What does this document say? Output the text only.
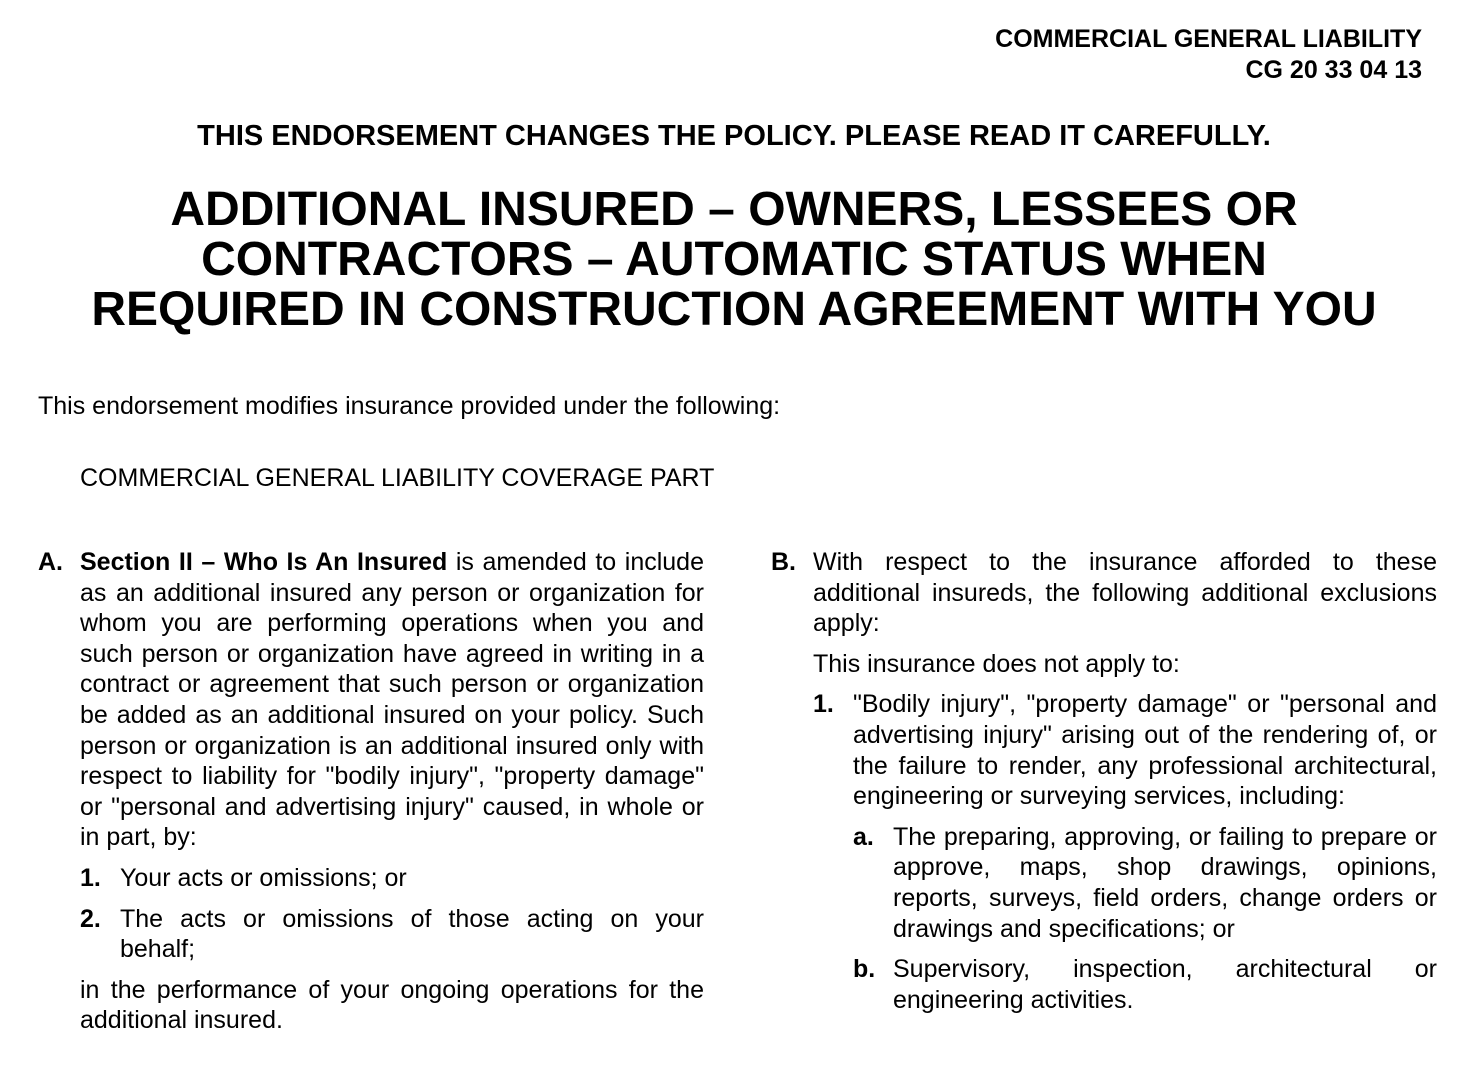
COMMERCIAL GENERAL LIABILITY
CG 20 33 04 13
THIS ENDORSEMENT CHANGES THE POLICY. PLEASE READ IT CAREFULLY.
ADDITIONAL INSURED – OWNERS, LESSEES OR
CONTRACTORS – AUTOMATIC STATUS WHEN
REQUIRED IN CONSTRUCTION AGREEMENT WITH YOU
This endorsement modifies insurance provided under the following:
COMMERCIAL GENERAL LIABILITY COVERAGE PART
A. Section II – Who Is An Insured is amended to include as an additional insured any person or organization for whom you are performing operations when you and such person or organization have agreed in writing in a contract or agreement that such person or organization be added as an additional insured on your policy. Such person or organization is an additional insured only with respect to liability for "bodily injury", "property damage" or "personal and advertising injury" caused, in whole or in part, by:
1. Your acts or omissions; or
2. The acts or omissions of those acting on your behalf;
in the performance of your ongoing operations for the additional insured.
B. With respect to the insurance afforded to these additional insureds, the following additional exclusions apply:
This insurance does not apply to:
1. "Bodily injury", "property damage" or "personal and advertising injury" arising out of the rendering of, or the failure to render, any professional architectural, engineering or surveying services, including:
a. The preparing, approving, or failing to prepare or approve, maps, shop drawings, opinions, reports, surveys, field orders, change orders or drawings and specifications; or
b. Supervisory, inspection, architectural or engineering activities.
